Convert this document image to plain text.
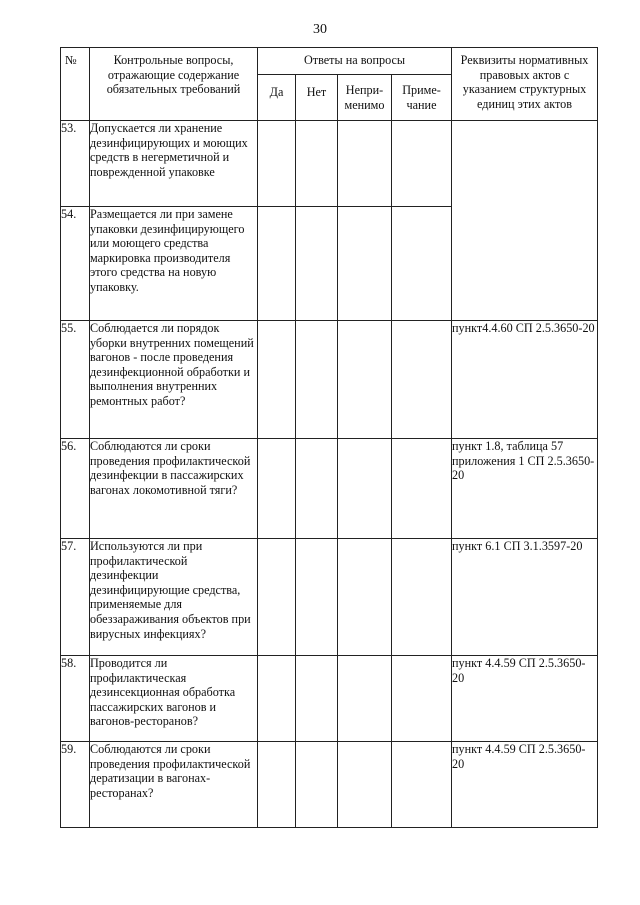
30
№	Контрольные вопросы, отражающие содержание обязательных требований	Ответы на вопросы				Реквизиты нормативных правовых актов с указанием структурных единиц этих актов

		Да	Нет	Непри-менимо	Приме-чание	

53.	Допускается ли хранение дезинфицирующих и моющих средств в негерметичной и поврежденной упаковке					
54.	Размещается ли при замене упаковки дезинфицирующего или моющего средства маркировка производителя этого средства на новую упаковку.					
55.	Соблюдается ли порядок уборки внутренних помещений вагонов - после проведения дезинфекционной обработки и выполнения внутренних ремонтных работ?					пункт4.4.60 СП 2.5.3650-20
56.	Соблюдаются ли сроки проведения профилактической дезинфекции в пассажирских вагонах локомотивной тяги?					пункт 1.8, таблица 57 приложения 1 СП 2.5.3650-20
57.	Используются ли при профилактической дезинфекции дезинфицирующие средства, применяемые для обеззараживания объектов при вирусных инфекциях?					пункт 6.1 СП 3.1.3597-20
58.	Проводится ли профилактическая дезинсекционная обработка пассажирских вагонов и вагонов-ресторанов?					пункт 4.4.59 СП 2.5.3650-20
59.	Соблюдаются ли сроки проведения профилактической дератизации в вагонах-ресторанах?					пункт 4.4.59 СП 2.5.3650-20
